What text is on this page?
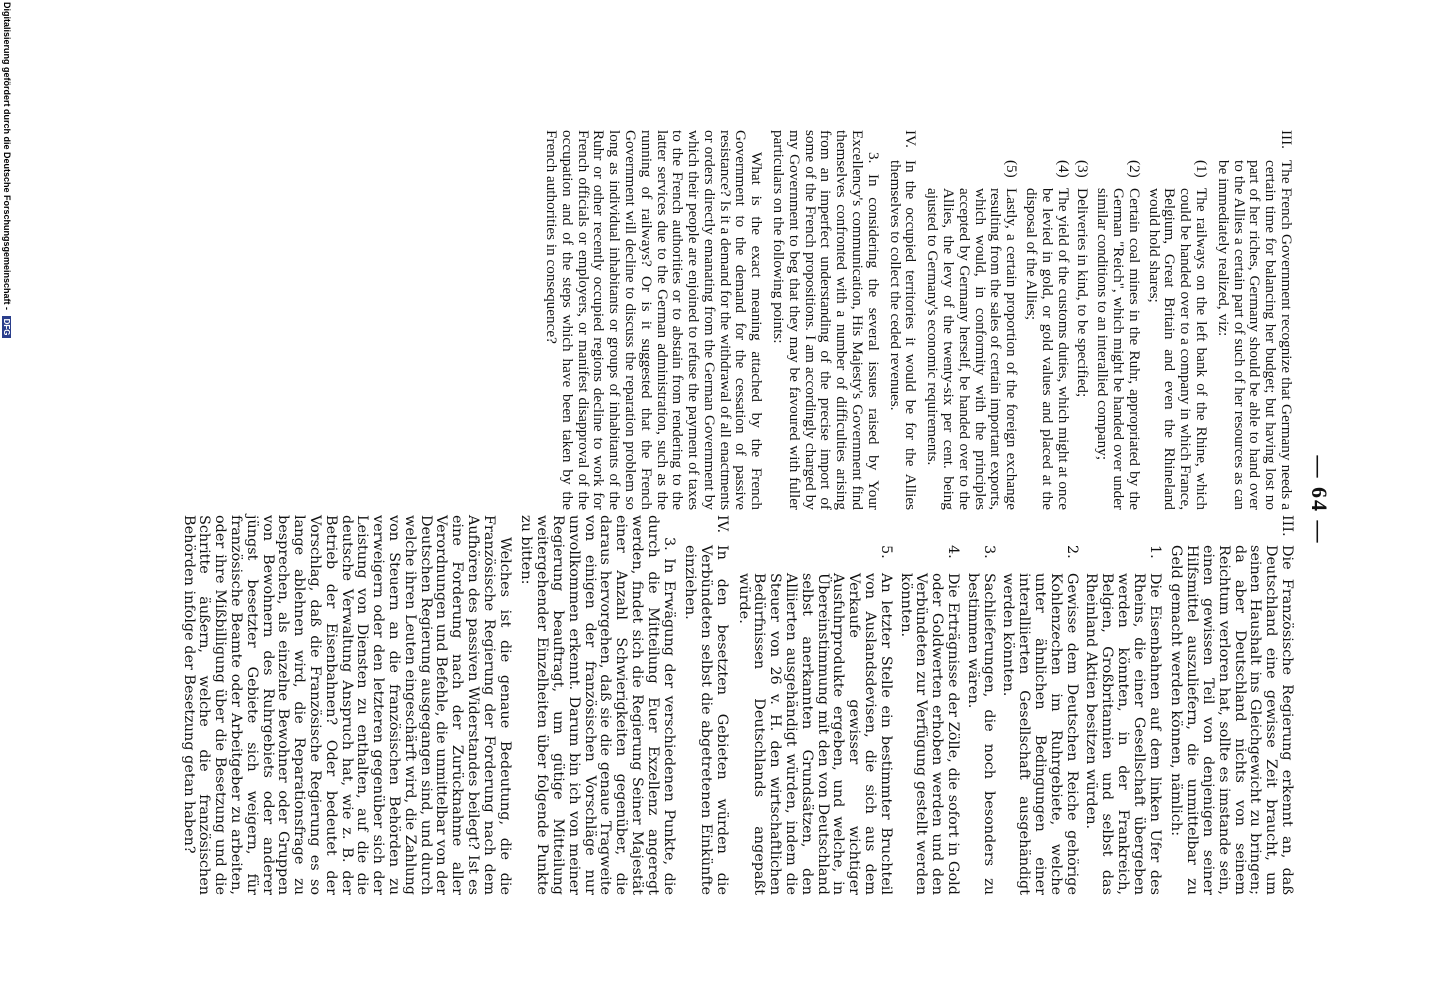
— 64 —
III.
The French Government recognize that Germany needs a certain time for balancing her budget; but having lost no part of her riches, Germany should be able to hand over to the Allies a certain part of such of her resources as can be immediately realized, viz:
(1)
The railways on the left bank of the Rhine, which could be handed over to a company in which France, Belgium, Great Britain and even the Rhineland would hold shares;
(2)
Certain coal mines in the Ruhr, appropriated by the German "Reich", which might be handed over under similar conditions to an interallied company;
(3)
Deliveries in kind, to be specified;
(4)
The yield of the customs duties, which might at once be levied in gold, or gold values and placed at the disposal of the Allies;
(5)
Lastly, a certain proportion of the foreign exchange resulting from the sales of certain important exports, which would, in conformity with the principles accepted by Germany herself, be handed over to the Allies, the levy of the twenty-six per cent. being ajusted to Germany's economic requirements.
IV.
In the occupied territories it would be for the Allies themselves to collect the ceded revenues.

3. In considering the several issues raised by Your Excellency's communication, His Majesty's Government find themselves confronted with a number of difficulties arising from an imperfect understanding of the precise import of some of the French propositions. I am accordingly charged by my Government to beg that they may be favoured with fuller particulars on the following points:

What is the exact meaning attached by the French Government to the demand for the cessation of passive resistance? Is it a demand for the withdrawal of all enactments or orders directly emanating from the German Government by which their people are enjoined to refuse the payment of taxes to the French authorities or to abstain from rendering to the latter services due to the German administration, such as the running of railways? Or is it suggested that the French Government will decline to discuss the reparation problem so long as individual inhabitants or groups of inhabitants of the Ruhr or other recently occupied regions decline to work for French officials or employers, or manifest disapproval of the occupation and of the steps which have been taken by the French authorities in consequence?

III.
Die Französische Regierung erkennt an, daß Deutschland eine gewisse Zeit braucht, um seinen Haushalt ins Gleichgewicht zu bringen; da aber Deutschland nichts von seinem Reichtum verloren hat, sollte es imstande sein, einen gewissen Teil von denjenigen seiner Hilfsmittel auszuliefern, die unmittelbar zu Geld gemacht werden können, nämlich:
1.
Die Eisenbahnen auf dem linken Ufer des Rheins, die einer Gesellschaft übergeben werden könnten, in der Frankreich, Belgien, Großbritannien und selbst das Rheinland Aktien besitzen würden.
2.
Gewisse dem Deutschen Reiche gehörige Kohlenzechen im Ruhrgebiete, welche unter ähnlichen Bedingungen einer interalliierten Gesellschaft ausgehändigt werden könnten.
3.
Sachlieferungen, die noch besonders zu bestimmen wären.
4.
Die Erträgnisse der Zölle, die sofort in Gold oder Goldwerten erhoben werden und den Verbündeten zur Verfügung gestellt werden könnten.
5.
An letzter Stelle ein bestimmter Bruchteil von Auslandsdevisen, die sich aus dem Verkaufe gewisser wichtiger Ausfuhrprodukte ergeben, und welche, in Übereinstimmung mit den von Deutschland selbst anerkannten Grundsätzen, den Alliierten ausgehändigt würden, indem die Steuer von 26 v. H. den wirtschaftlichen Bedürfnissen Deutschlands angepaßt würde.
IV.
In den besetzten Gebieten würden die Verbündeten selbst die abgetretenen Einkünfte einziehen.

3. In Erwägung der verschiedenen Punkte, die durch die Mitteilung Euer Exzellenz angeregt werden, findet sich die Regierung Seiner Majestät einer Anzahl Schwierigkeiten gegenüber, die daraus hervorgehen, daß sie die genaue Tragweite von einigen der französischen Vorschläge nur unvollkommen erkennt. Darum bin ich von meiner Regierung beauftragt, um gütige Mitteilung weitergehender Einzelheiten über folgende Punkte zu bitten:

Welches ist die genaue Bedeutung, die die Französische Regierung der Forderung nach dem Aufhören des passiven Widerstandes beilegt? Ist es eine Forderung nach der Zurücknahme aller Verordnungen und Befehle, die unmittelbar von der Deutschen Regierung ausgegangen sind, und durch welche ihren Leuten eingeschärft wird, die Zahlung von Steuern an die französischen Behörden zu verweigern oder den letzteren gegenüber sich der Leistung von Diensten zu enthalten, auf die die deutsche Verwaltung Anspruch hat, wie z. B. der Betrieb der Eisenbahnen? Oder bedeutet der Vorschlag, daß die Französische Regierung es so lange ablehnen wird, die Reparationsfrage zu besprechen, als einzelne Bewohner oder Gruppen von Bewohnern des Ruhrgebiets oder anderer jüngst besetzter Gebiete sich weigern, für französische Beamte oder Arbeitgeber zu arbeiten, oder ihre Mißbilligung über die Besetzung und die Schritte äußern, welche die französischen Behörden infolge der Besetzung getan haben?

Digitalisierung gefördert durch die Deutsche Forschungsgemeinschaft - DFG
